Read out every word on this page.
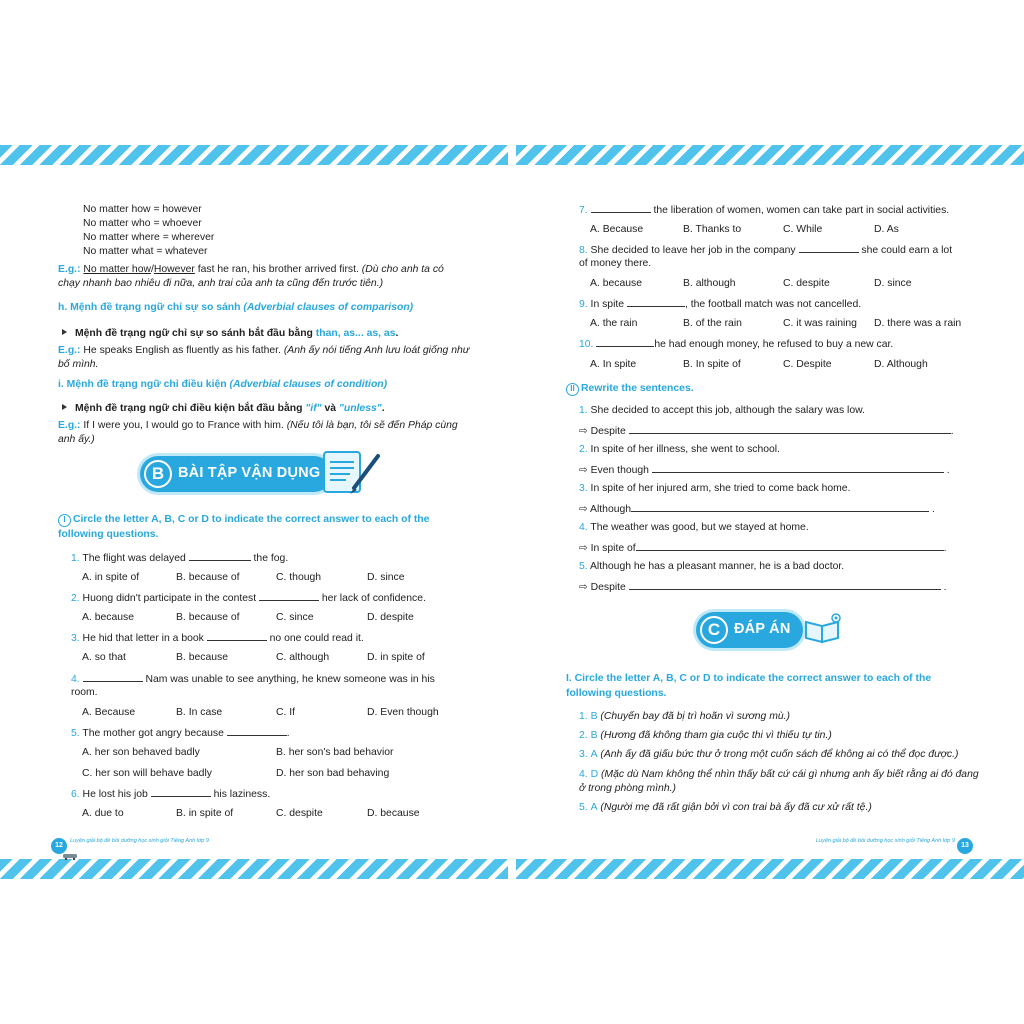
No matter how = however
No matter who = whoever
No matter where = wherever
No matter what = whatever
E.g.: No matter how/However fast he ran, his brother arrived first. (Dù cho anh ta có
chạy nhanh bao nhiêu đi nữa, anh trai của anh ta cũng đến trước tiên.)
h. Mệnh đề trạng ngữ chỉ sự so sánh (Adverbial clauses of comparison)
Mệnh đề trạng ngữ chỉ sự so sánh bắt đầu bằng than, as... as, as.
E.g.: He speaks English as fluently as his father. (Anh ấy nói tiếng Anh lưu loát giống như
bố mình.
i. Mệnh đề trạng ngữ chỉ điều kiện (Adverbial clauses of condition)
Mệnh đề trạng ngữ chỉ điều kiện bắt đầu bằng "if" và "unless".
E.g.: If I were you, I would go to France with him. (Nếu tôi là bạn, tôi sẽ đến Pháp cùng
anh ấy.)
B BÀI TẬP VẬN DỤNG
I Circle the letter A, B, C or D to indicate the correct answer to each of the
following questions.
1. The flight was delayed	the fog.
A. in spite of	B. because of	C. though	D. since
2. Huong didn't participate in the contest	her lack of confidence.
A. because	B. because of	C. since	D. despite
3. He hid that letter in a book	no one could read it.
A. so that	B. because	C. although	D. in spite of
4.	Nam was unable to see anything, he knew someone was in his
room.
A. Because	B. In case	C. If	D. Even though
5. The mother got angry because	.
A. her son behaved badly	B. her son's bad behavior
C. her son will behave badly	D. her son bad behaving
6. He lost his job	his laziness.
A. due to	B. in spite of	C. despite	D. because
12
Luyện giải bộ đề bồi dưỡng học sinh giỏi Tiếng Anh lớp 9
7.	the liberation of women, women can take part in social activities.
A. Because	B. Thanks to	C. While	D. As
8. She decided to leave her job in the company	she could earn a lot
of money there.
A. because	B. although	C. despite	D. since
9. In spite	, the football match was not cancelled.
A. the rain	B. of the rain	C. it was raining D. there was a rain
10.	he had enough money, he refused to buy a new car.
A. In spite	B. In spite of	C. Despite	D. Although
II Rewrite the sentences.
1. She decided to accept this job, although the salary was low.
⇨ Despite	.
2. In spite of her illness, she went to school.
⇨ Even though	.
3. In spite of her injured arm, she tried to come back home.
⇨ Although	.
4. The weather was good, but we stayed at home.
⇨ In spite of	.
5. Although he has a pleasant manner, he is a bad doctor.
⇨ Despite	.
C ĐÁP ÁN
I. Circle the letter A, B, C or D to indicate the correct answer to each of the
following questions.
1. B (Chuyến bay đã bị trì hoãn vì sương mù.)
2. B (Hương đã không tham gia cuộc thi vì thiếu tự tin.)
3. A (Anh ấy đã giấu bức thư ở trong một cuốn sách để không ai có thể đọc được.)
4. D (Mặc dù Nam không thể nhìn thấy bất cứ cái gì nhưng anh ấy biết rằng ai đó đang
ở trong phòng mình.)
5. A (Người mẹ đã rất giận bởi vì con trai bà ấy đã cư xử rất tệ.)
Luyện giải bộ đề bồi dưỡng học sinh giỏi Tiếng Anh lớp 9
13
